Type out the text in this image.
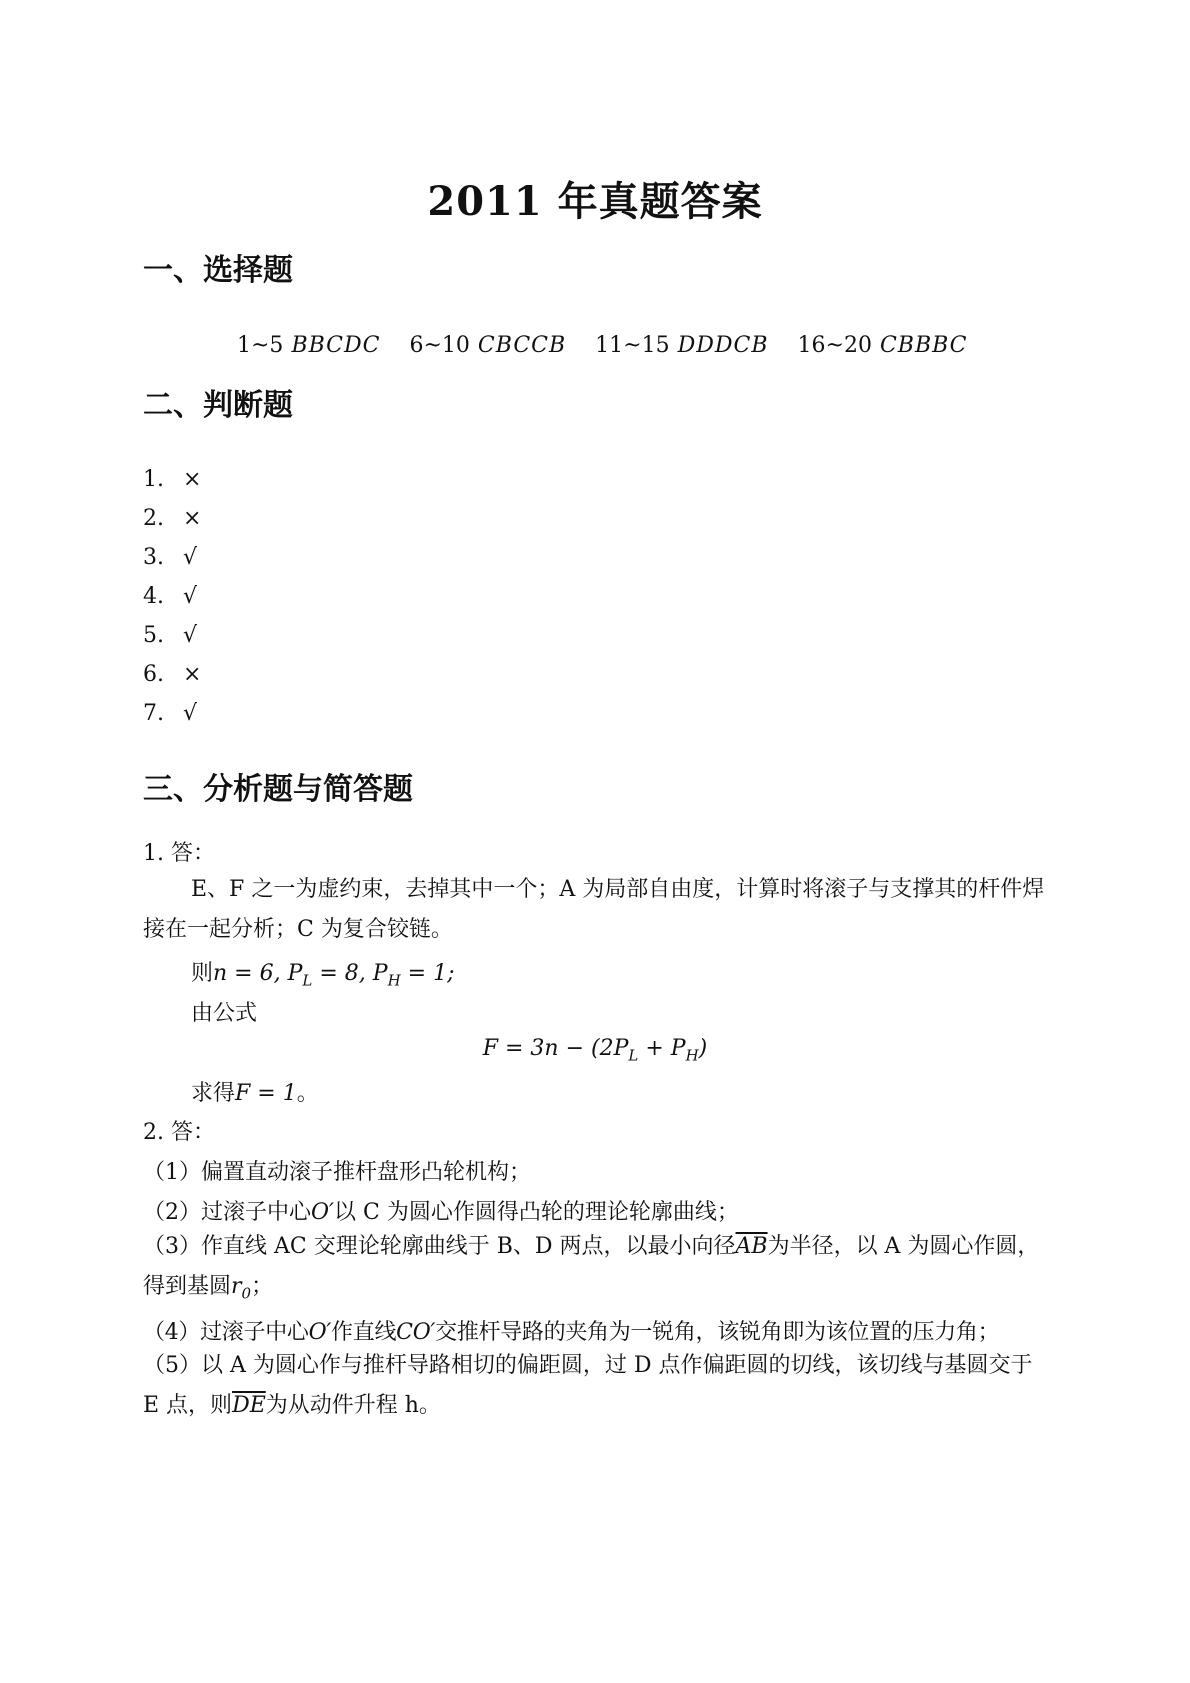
2011 年真题答案
一、选择题
1~5 BBCDC 6~10 CBCCB 11~15 DDDCB 16~20 CBBBC
二、判断题
1. ×
2. ×
3. √
4. √
5. √
6. ×
7. √
三、分析题与简答题
1. 答：
E、F 之一为虚约束，去掉其中一个；A 为局部自由度，计算时将滚子与支撑其的杆件焊接在一起分析；C 为复合铰链。
则n = 6, $P_L = 8$, $P_H = 1$;
由公式
$F = 3n - (2P_L + P_H)$
求得F = 1。
2. 答：
（1）偏置直动滚子推杆盘形凸轮机构；
（2）过滚子中心O′以 C 为圆心作圆得凸轮的理论轮廓曲线；
（3）作直线 AC 交理论轮廓曲线于 B、D 两点，以最小向径$\overline{AB}$为半径，以 A 为圆心作圆，得到基圆$r_0$；
（4）过滚子中心O′作直线CO′交推杆导路的夹角为一锐角，该锐角即为该位置的压力角；
（5）以 A 为圆心作与推杆导路相切的偏距圆，过 D 点作偏距圆的切线，该切线与基圆交于 E 点，则$\overline{DE}$为从动件升程 h。
